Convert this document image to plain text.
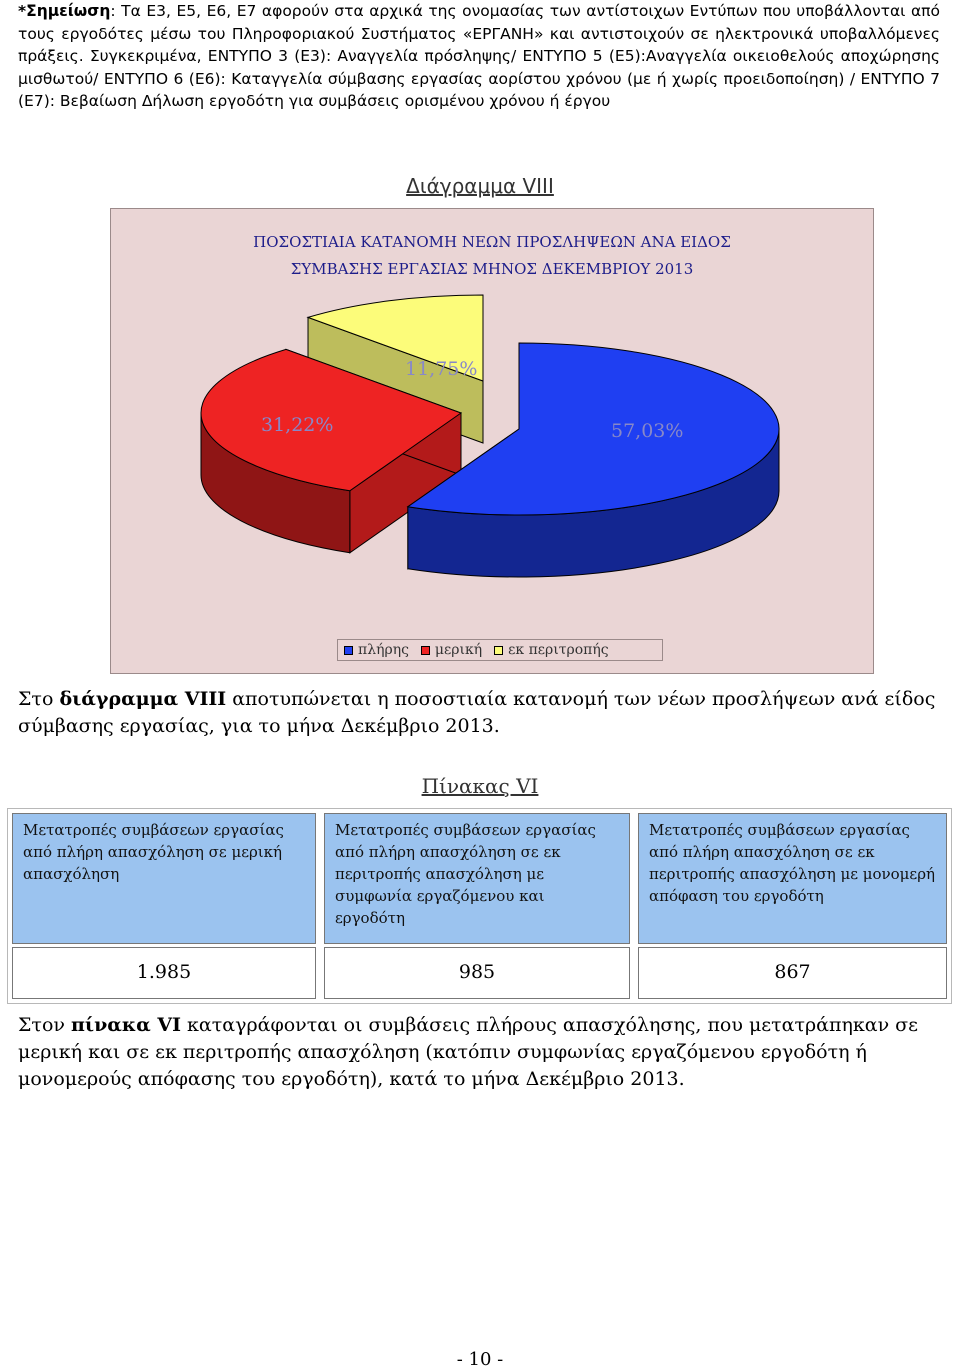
*Σημείωση: Τα Ε3, Ε5, Ε6, Ε7 αφορούν στα αρχικά της ονομασίας των αντίστοιχων Εντύπων που υποβάλλονται από τους εργοδότες μέσω του Πληροφοριακού Συστήματος «ΕΡΓΑΝΗ» και αντιστοιχούν σε ηλεκτρονικά υποβαλλόμενες πράξεις. Συγκεκριμένα, ΕΝΤΥΠΟ 3 (Ε3): Αναγγελία πρόσληψης/ ΕΝΤΥΠΟ 5 (Ε5):Αναγγελία οικειοθελούς αποχώρησης μισθωτού/ ΕΝΤΥΠΟ 6 (Ε6): Καταγγελία σύμβασης εργασίας αορίστου χρόνου (με ή χωρίς προειδοποίηση) / ΕΝΤΥΠΟ 7 (Ε7): Βεβαίωση Δήλωση εργοδότη για συμβάσεις ορισμένου χρόνου ή έργου

Διάγραμμα VIII
57,03%
31,22%
11,75%
ΠΟΣΟΣΤΙΑΙΑ ΚΑΤΑΝΟΜΗ ΝΕΩΝ ΠΡΟΣΛΗΨΕΩΝ ΑΝΑ ΕΙΔΟΣ
ΣΥΜΒΑΣΗΣ ΕΡΓΑΣΙΑΣ ΜΗΝΟΣ ΔΕΚΕΜΒΡΙΟΥ 2013
πλήρης μερική εκ περιτροπής

Στο διάγραμμα VIII αποτυπώνεται η ποσοστιαία κατανομή των νέων προσλήψεων ανά είδος σύμβασης εργασίας, για το μήνα Δεκέμβριο 2013.

Πίνακας VI
Μετατροπές συμβάσεων εργασίας από πλήρη απασχόληση σε μερική απασχόληση
Μετατροπές συμβάσεων εργασίας από πλήρη απασχόληση σε εκ περιτροπής απασχόληση με συμφωνία εργαζόμενου και εργοδότη
Μετατροπές συμβάσεων εργασίας από πλήρη απασχόληση σε εκ περιτροπής απασχόληση με μονομερή απόφαση του εργοδότη
1.985	985	867

Στον πίνακα VI καταγράφονται οι συμβάσεις πλήρους απασχόλησης, που μετατράπηκαν σε μερική και σε εκ περιτροπής απασχόληση (κατόπιν συμφωνίας εργαζόμενου εργοδότη ή μονομερούς απόφασης του εργοδότη), κατά το μήνα Δεκέμβριο 2013.

- 10 -
